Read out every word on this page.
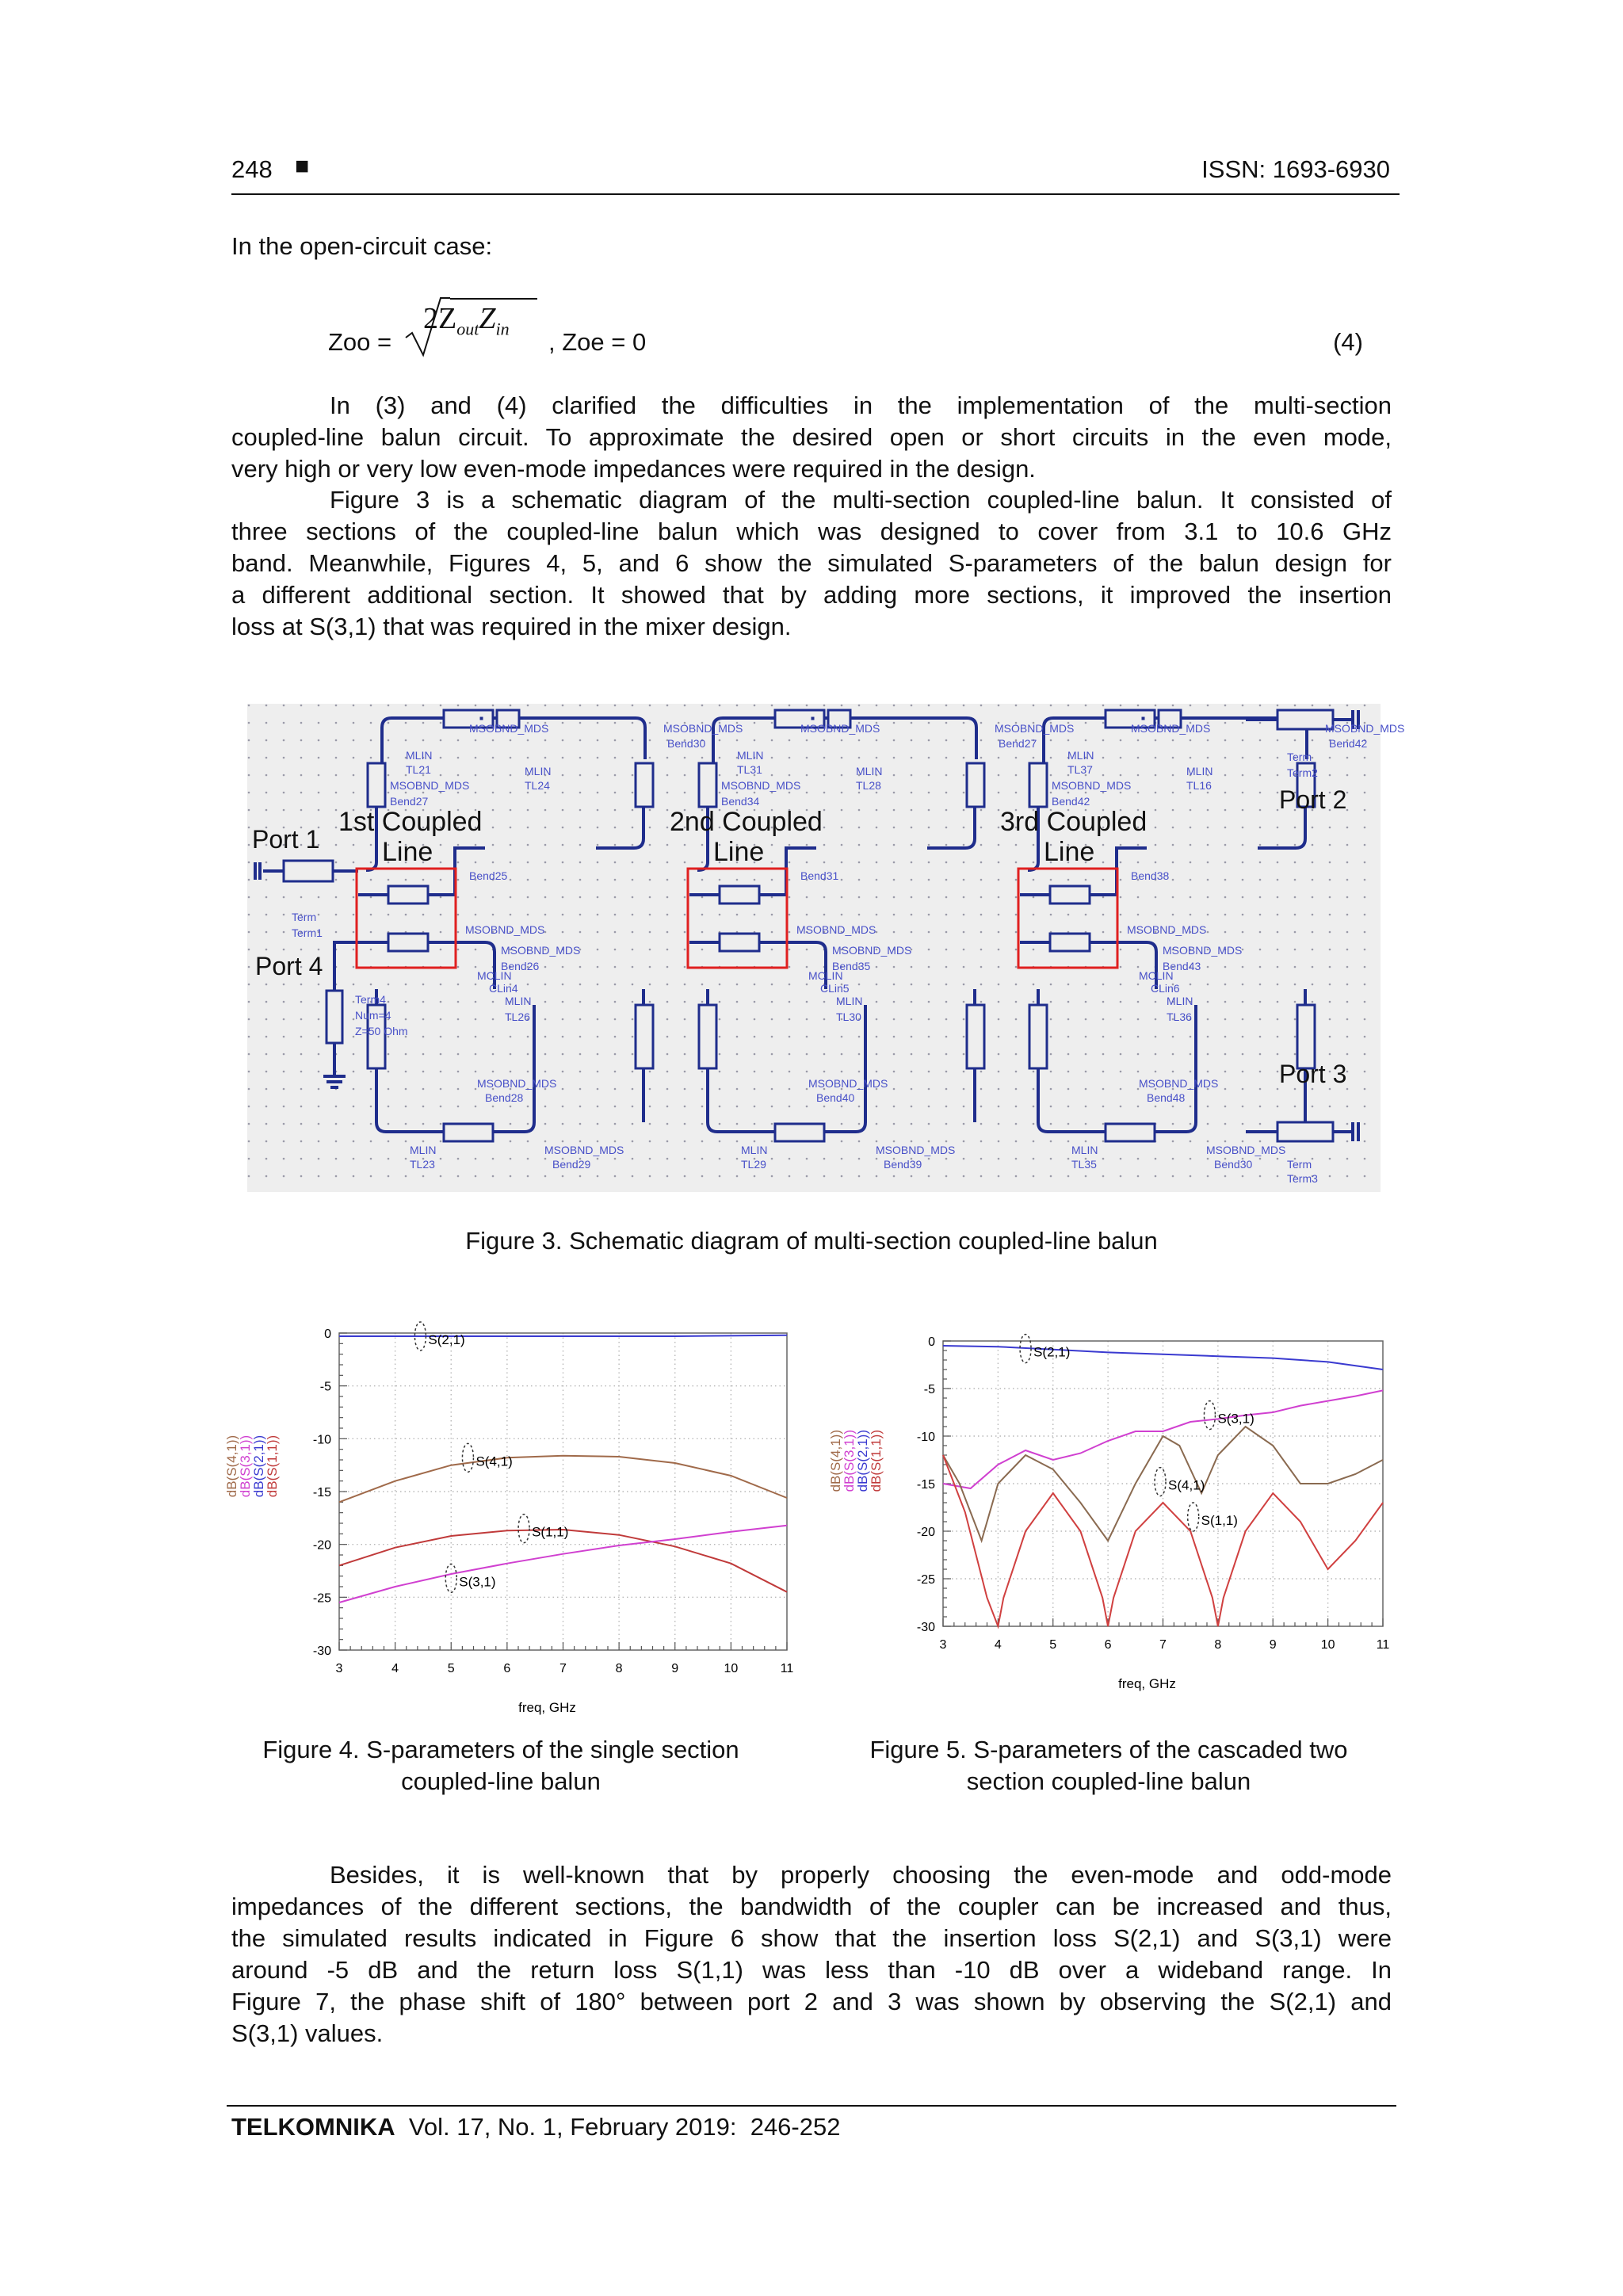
248 ■	ISSN: 1693-6930
In the open-circuit case:
Zoo =
$2Z_{out}Z_{in}$ , Zoe = 0	(4)
In (3) and (4) clarified the difficulties in the implementation of the multi-section
coupled-line balun circuit. To approximate the desired open or short circuits in the even mode,
very high or very low even-mode impedances were required in the design.
Figure 3 is a schematic diagram of the multi-section coupled-line balun. It consisted of
three sections of the coupled-line balun which was designed to cover from 3.1 to 10.6 GHz
band. Meanwhile, Figures 4, 5, and 6 show the simulated S-parameters of the balun design for
a different additional section. It showed that by adding more sections, it improved the insertion
loss at S(3,1) that was required in the mixer design.
MSOBND_MDS	MSOBND_MDS
Bend30
MLIN
TL21	MLIN
TL24
MSOBND_MDS
Bend27
Bend25
MSOBND_MDS
MSOBND_MDS
Bend26
MCLIN
CLin4
MLIN
TL26
MSOBND_MDS
Bend28
MSOBND_MDS
Bend29
MLIN
TL23
MSOBND_MDS	MSOBND_MDS
Bend27
MLIN
TL31	MLIN
TL28
MSOBND_MDS
Bend34
Bend31
MSOBND_MDS
MSOBND_MDS
Bend35
MCLIN
CLin5
MLIN
TL30
MSOBND_MDS
Bend40
MSOBND_MDS
Bend39
MLIN
TL29
MSOBND_MDS	MSOBND_MDS
Bend42
MLIN
TL37	MLIN
TL16
MSOBND_MDS
Bend42
Bend38
MSOBND_MDS
MSOBND_MDS
Bend43
MCLIN
CLin6
MLIN
TL36
MSOBND_MDS
Bend48
MSOBND_MDS
Bend30
MLIN
TL35
Term
Term1
Term4
Num=4
Z=50 Ohm
Term
Term2
Term
Term3
1st Coupled
Line
2nd Coupled
Line
3rd Coupled
Line
Port 1
Port 4
Port 2
Port 3
Figure 3. Schematic diagram of multi-section coupled-line balun
3	4	5	6	7	8	9	10	11
0
-5
-10
-15
-20
-25
-30
freq, GHz
dB(S(4,1))
dB(S(3,1))
dB(S(2,1))
dB(S(1,1))
S(2,1)
S(4,1)
S(1,1)
S(3,1)
3	4	5	6	7	8	9	10	11
0
-5
-10
-15
-20
-25
-30
freq, GHz
dB(S(4,1))
dB(S(3,1))
dB(S(2,1))
dB(S(1,1))
S(2,1)
S(3,1)
S(4,1)
S(1,1)
Figure 4. S-parameters of the single section
coupled-line balun
Figure 5. S-parameters of the cascaded two
section coupled-line balun
Besides, it is well-known that by properly choosing the even-mode and odd-mode
impedances of the different sections, the bandwidth of the coupler can be increased and thus,
the simulated results indicated in Figure 6 show that the insertion loss S(2,1) and S(3,1) were
around -5 dB and the return loss S(1,1) was less than -10 dB over a wideband range. In
Figure 7, the phase shift of 180° between port 2 and 3 was shown by observing the S(2,1) and
S(3,1) values.
TELKOMNIKA Vol. 17, No. 1, February 2019:  246-252
